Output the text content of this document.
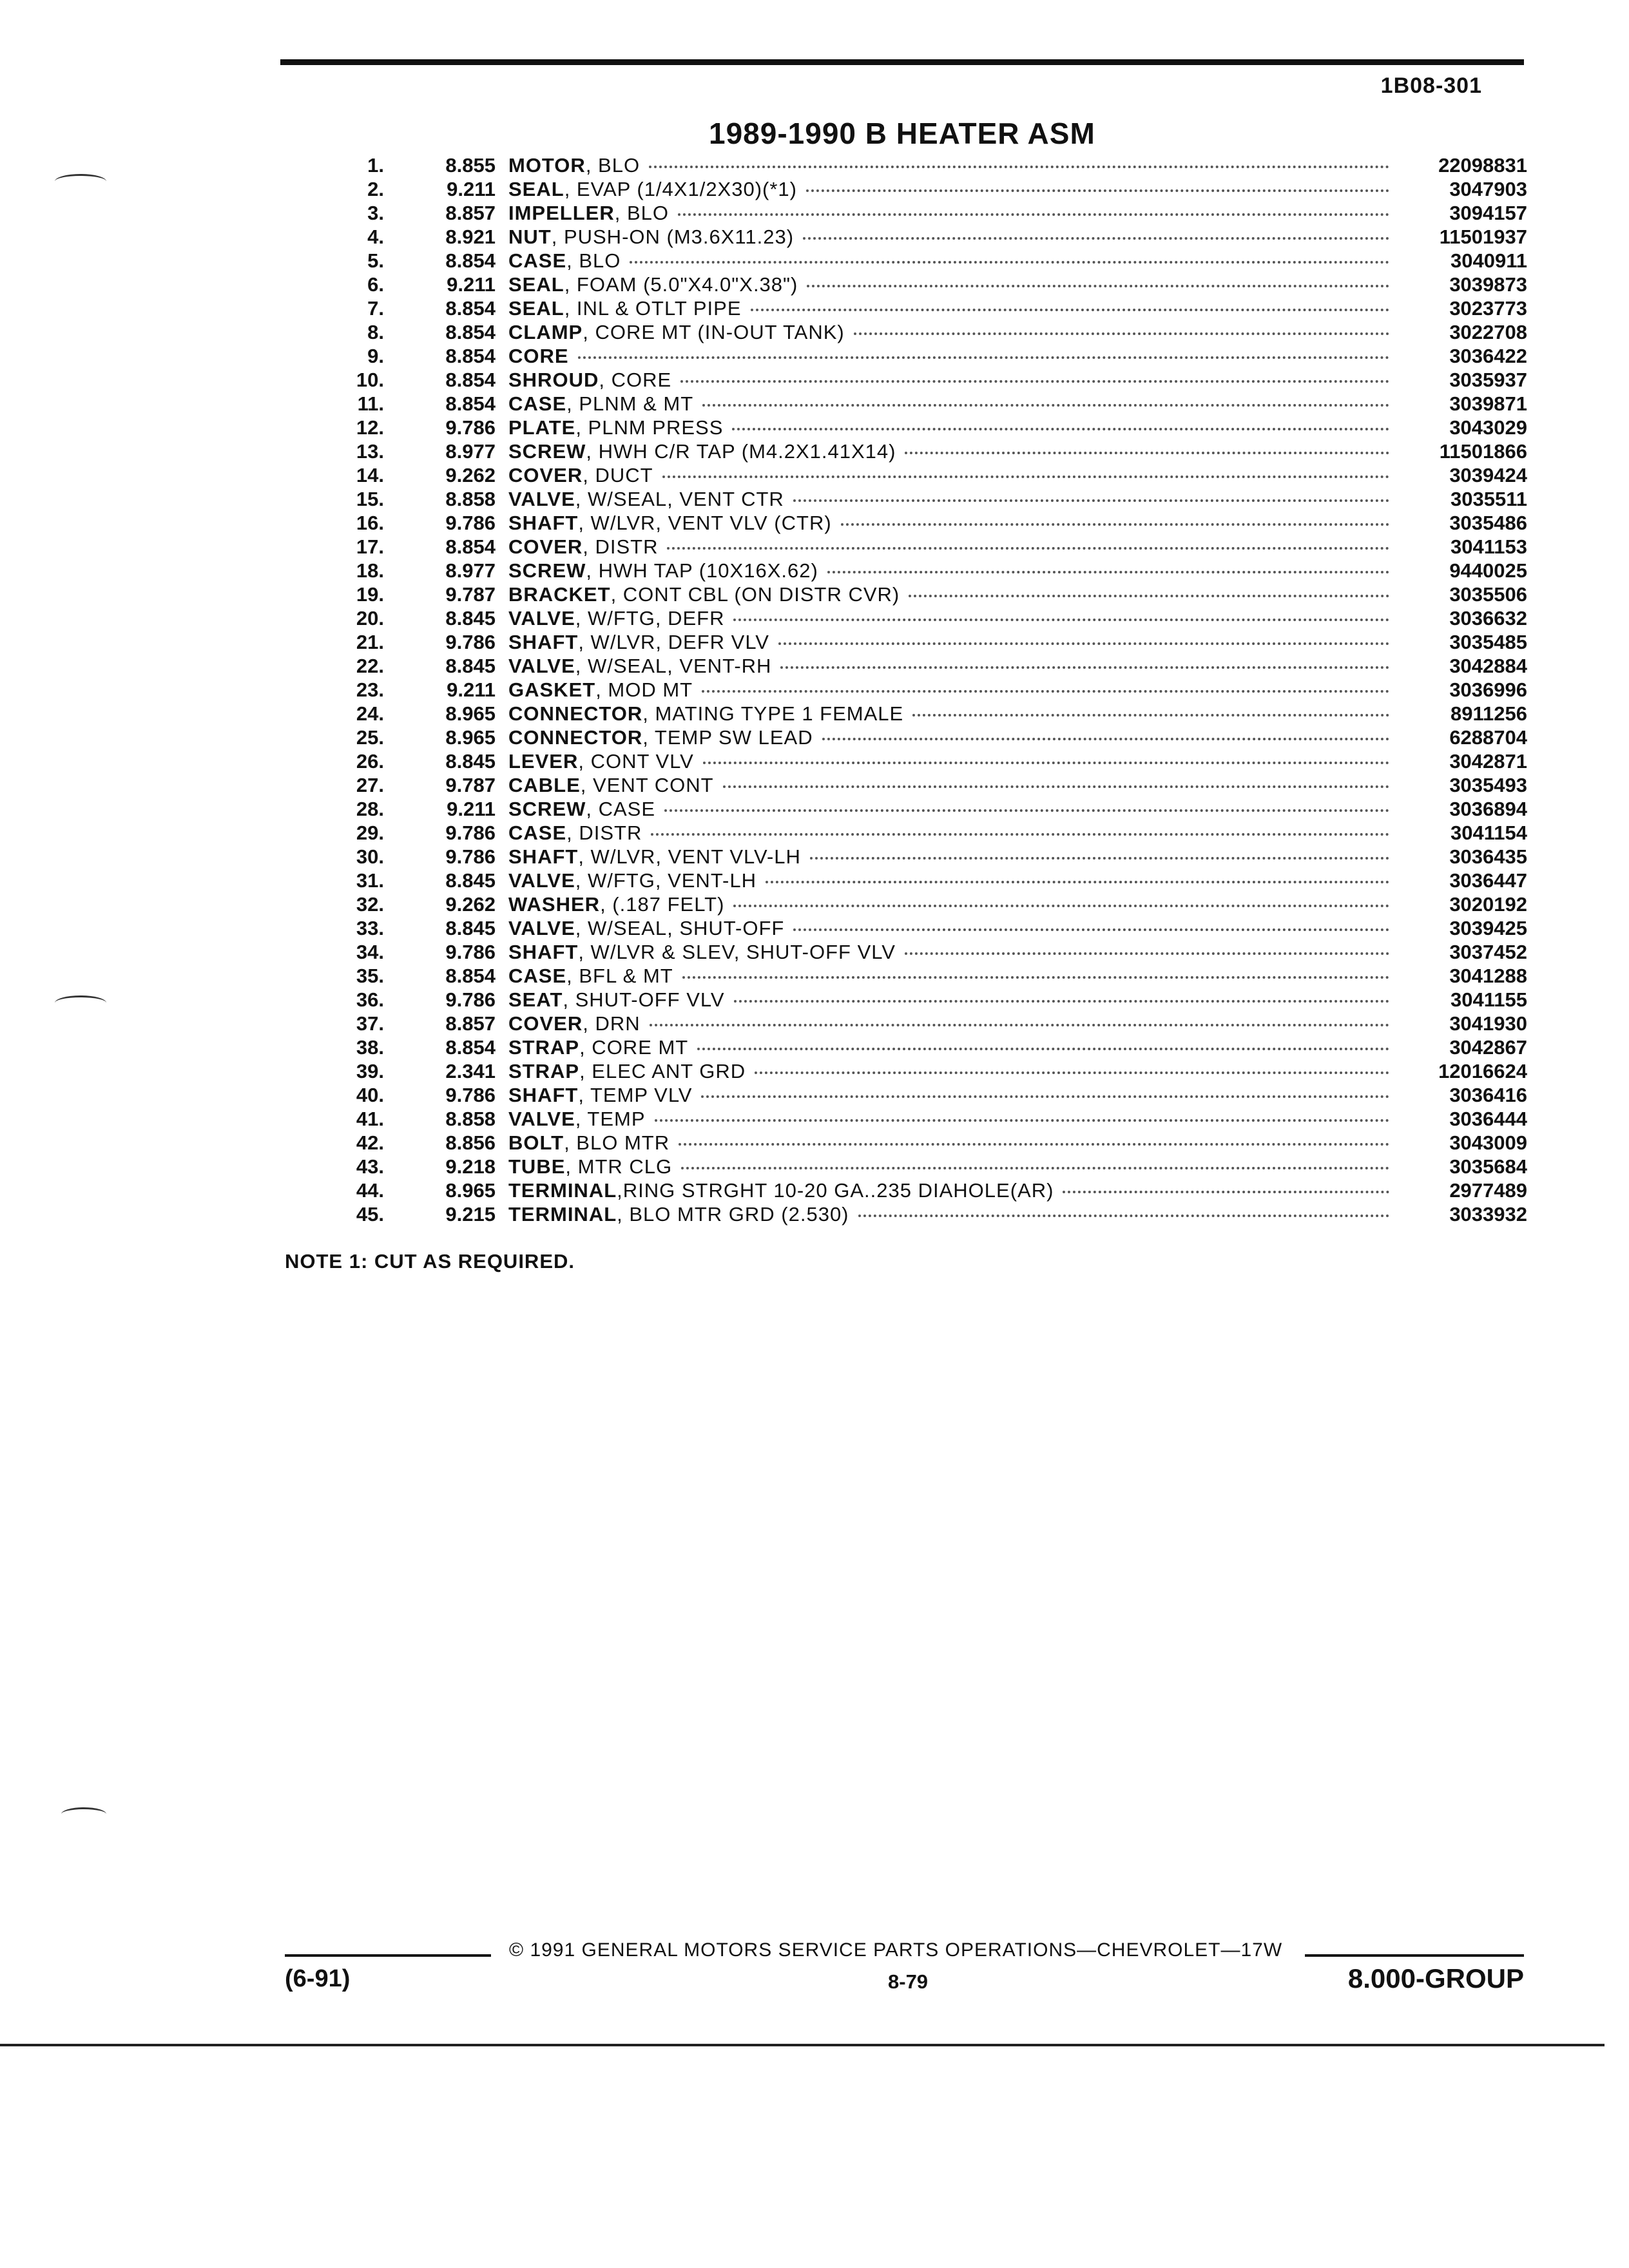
1B08-301
1989-1990 B HEATER ASM
1.	8.855 MOTOR, BLO	22098831
2.	9.211 SEAL, EVAP (1/4X1/2X30)(*1)	3047903
3.	8.857 IMPELLER, BLO	3094157
4.	8.921 NUT, PUSH-ON (M3.6X11.23)	11501937
5.	8.854 CASE, BLO	3040911
6.	9.211 SEAL, FOAM (5.0"X4.0"X.38")	3039873
7.	8.854 SEAL, INL & OTLT PIPE	3023773
8.	8.854 CLAMP, CORE MT (IN-OUT TANK)	3022708
9.	8.854 CORE	3036422
10.	8.854 SHROUD, CORE	3035937
11.	8.854 CASE, PLNM & MT	3039871
12.	9.786 PLATE, PLNM PRESS	3043029
13.	8.977 SCREW, HWH C/R TAP (M4.2X1.41X14)	11501866
14.	9.262 COVER, DUCT	3039424
15.	8.858 VALVE, W/SEAL, VENT CTR	3035511
16.	9.786 SHAFT, W/LVR, VENT VLV (CTR)	3035486
17.	8.854 COVER, DISTR	3041153
18.	8.977 SCREW, HWH TAP (10X16X.62)	9440025
19.	9.787 BRACKET, CONT CBL (ON DISTR CVR)	3035506
20.	8.845 VALVE, W/FTG, DEFR	3036632
21.	9.786 SHAFT, W/LVR, DEFR VLV	3035485
22.	8.845 VALVE, W/SEAL, VENT-RH	3042884
23.	9.211 GASKET, MOD MT	3036996
24.	8.965 CONNECTOR, MATING TYPE 1 FEMALE	8911256
25.	8.965 CONNECTOR, TEMP SW LEAD	6288704
26.	8.845 LEVER, CONT VLV	3042871
27.	9.787 CABLE, VENT CONT	3035493
28.	9.211 SCREW, CASE	3036894
29.	9.786 CASE, DISTR	3041154
30.	9.786 SHAFT, W/LVR, VENT VLV-LH	3036435
31.	8.845 VALVE, W/FTG, VENT-LH	3036447
32.	9.262 WASHER, (.187 FELT)	3020192
33.	8.845 VALVE, W/SEAL, SHUT-OFF	3039425
34.	9.786 SHAFT, W/LVR & SLEV, SHUT-OFF VLV	3037452
35.	8.854 CASE, BFL & MT	3041288
36.	9.786 SEAT, SHUT-OFF VLV	3041155
37.	8.857 COVER, DRN	3041930
38.	8.854 STRAP, CORE MT	3042867
39.	2.341 STRAP, ELEC ANT GRD	12016624
40.	9.786 SHAFT, TEMP VLV	3036416
41.	8.858 VALVE, TEMP	3036444
42.	8.856 BOLT, BLO MTR	3043009
43.	9.218 TUBE, MTR CLG	3035684
44.	8.965 TERMINAL,RING STRGHT 10-20 GA..235 DIAHOLE(AR)	2977489
45.	9.215 TERMINAL, BLO MTR GRD (2.530)	3033932
NOTE 1: CUT AS REQUIRED.
© 1991 GENERAL MOTORS SERVICE PARTS OPERATIONS—CHEVROLET—17W
(6-91)	8-79	8.000-GROUP
